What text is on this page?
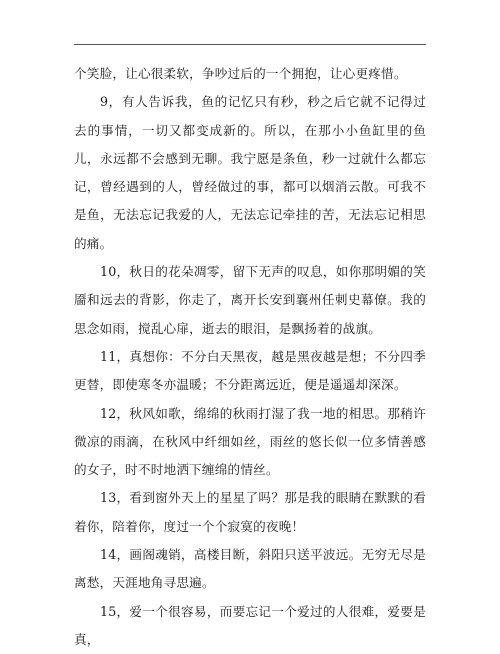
个笑脸，让心很柔软，争吵过后的一个拥抱，让心更疼惜。

9，有人告诉我，鱼的记忆只有秒，秒之后它就不记得过去的事情，一切又都变成新的。所以，在那小小鱼缸里的鱼儿，永远都不会感到无聊。我宁愿是条鱼，秒一过就什么都忘记，曾经遇到的人，曾经做过的事，都可以烟消云散。可我不是鱼，无法忘记我爱的人，无法忘记牵挂的苦，无法忘记相思的痛。

10，秋日的花朵凋零，留下无声的叹息，如你那明媚的笑靥和远去的背影，你走了，离开长安到襄州任刺史幕僚。我的思念如雨，搅乱心扉，逝去的眼泪，是飘扬着的战旗。

11，真想你：不分白天黑夜，越是黑夜越是想；不分四季更替，即使寒冬亦温暖；不分距离远近，便是遥遥却深深。

12，秋风如歌，绵绵的秋雨打湿了我一地的相思。那稍许微凉的雨滴，在秋风中纤细如丝，雨丝的悠长似一位多情善感的女子，时不时地洒下缠绵的情丝。

13，看到窗外天上的星星了吗？那是我的眼睛在默默的看着你，陪着你，度过一个个寂寞的夜晚！

14，画阁魂销，高楼目断，斜阳只送平波远。无穷无尽是离愁，天涯地角寻思遍。

15，爱一个很容易，而要忘记一个爱过的人很难，爱要是真，
